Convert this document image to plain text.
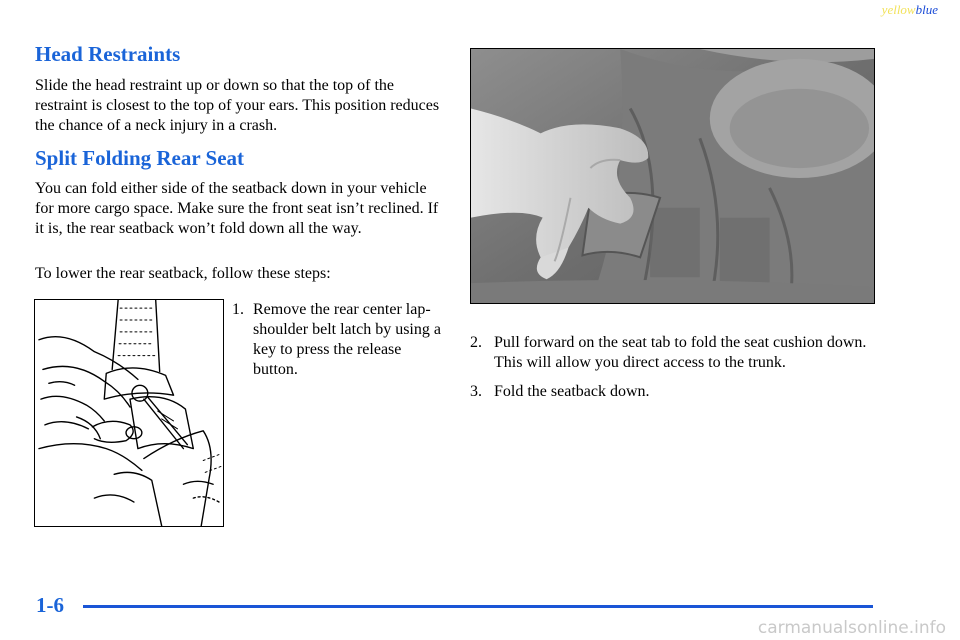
yellowblue
Head Restraints

Slide the head restraint up or down so that the top of the restraint is closest to the top of your ears. This position reduces the chance of a neck injury in a crash.

Split Folding Rear Seat

You can fold either side of the seatback down in your vehicle for more cargo space. Make sure the front seat isn’t reclined. If it is, the rear seatback won’t fold down all the way.

To lower the rear seatback, follow these steps:

1. Remove the rear center lap-shoulder belt latch by using a key to press the release button.
2. Pull forward on the seat tab to fold the seat cushion down. This will allow you direct access to the trunk.
3. Fold the seatback down.
1-6
carmanualsonline.info
